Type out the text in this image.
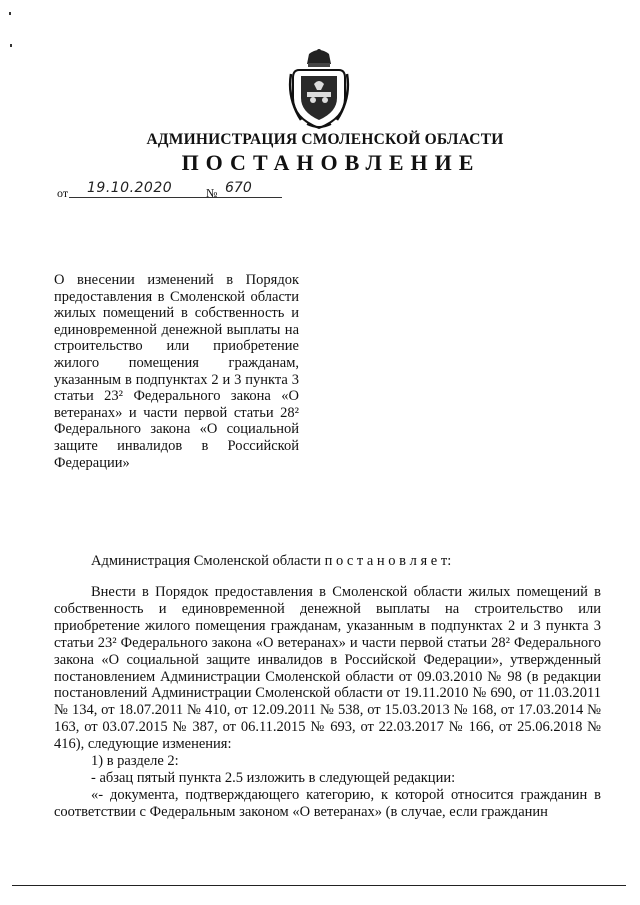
АДМИНИСТРАЦИЯ СМОЛЕНСКОЙ ОБЛАСТИ
ПОСТАНОВЛЕНИЕ
от 19.10.2020	№ 670
О внесении изменений в Порядок предоставления в Смоленской области жилых помещений в собственность и единовременной денежной выплаты на строительство или приобретение жилого помещения гражданам, указанным в подпунктах 2 и 3 пункта 3 статьи 23² Федерального закона «О ветеранах» и части первой статьи 28² Федерального закона «О социальной защите инвалидов в Российской Федерации»
Администрация Смоленской области п о с т а н о в л я е т:

Внести в Порядок предоставления в Смоленской области жилых помещений в собственность и единовременной денежной выплаты на строительство или приобретение жилого помещения гражданам, указанным в подпунктах 2 и 3 пункта 3 статьи 23² Федерального закона «О ветеранах» и части первой статьи 28² Федерального закона «О социальной защите инвалидов в Российской Федерации», утвержденный постановлением Администрации Смоленской области от 09.03.2010 № 98 (в редакции постановлений Администрации Смоленской области от 19.11.2010 № 690, от 11.03.2011 № 134, от 18.07.2011 № 410, от 12.09.2011 № 538, от 15.03.2013 № 168, от 17.03.2014 № 163, от 03.07.2015 № 387, от 06.11.2015 № 693, от 22.03.2017 № 166, от 25.06.2018 № 416), следующие изменения:

1) в разделе 2:

- абзац пятый пункта 2.5 изложить в следующей редакции:

«- документа, подтверждающего категорию, к которой относится гражданин в соответствии с Федеральным законом «О ветеранах» (в случае, если гражданин
